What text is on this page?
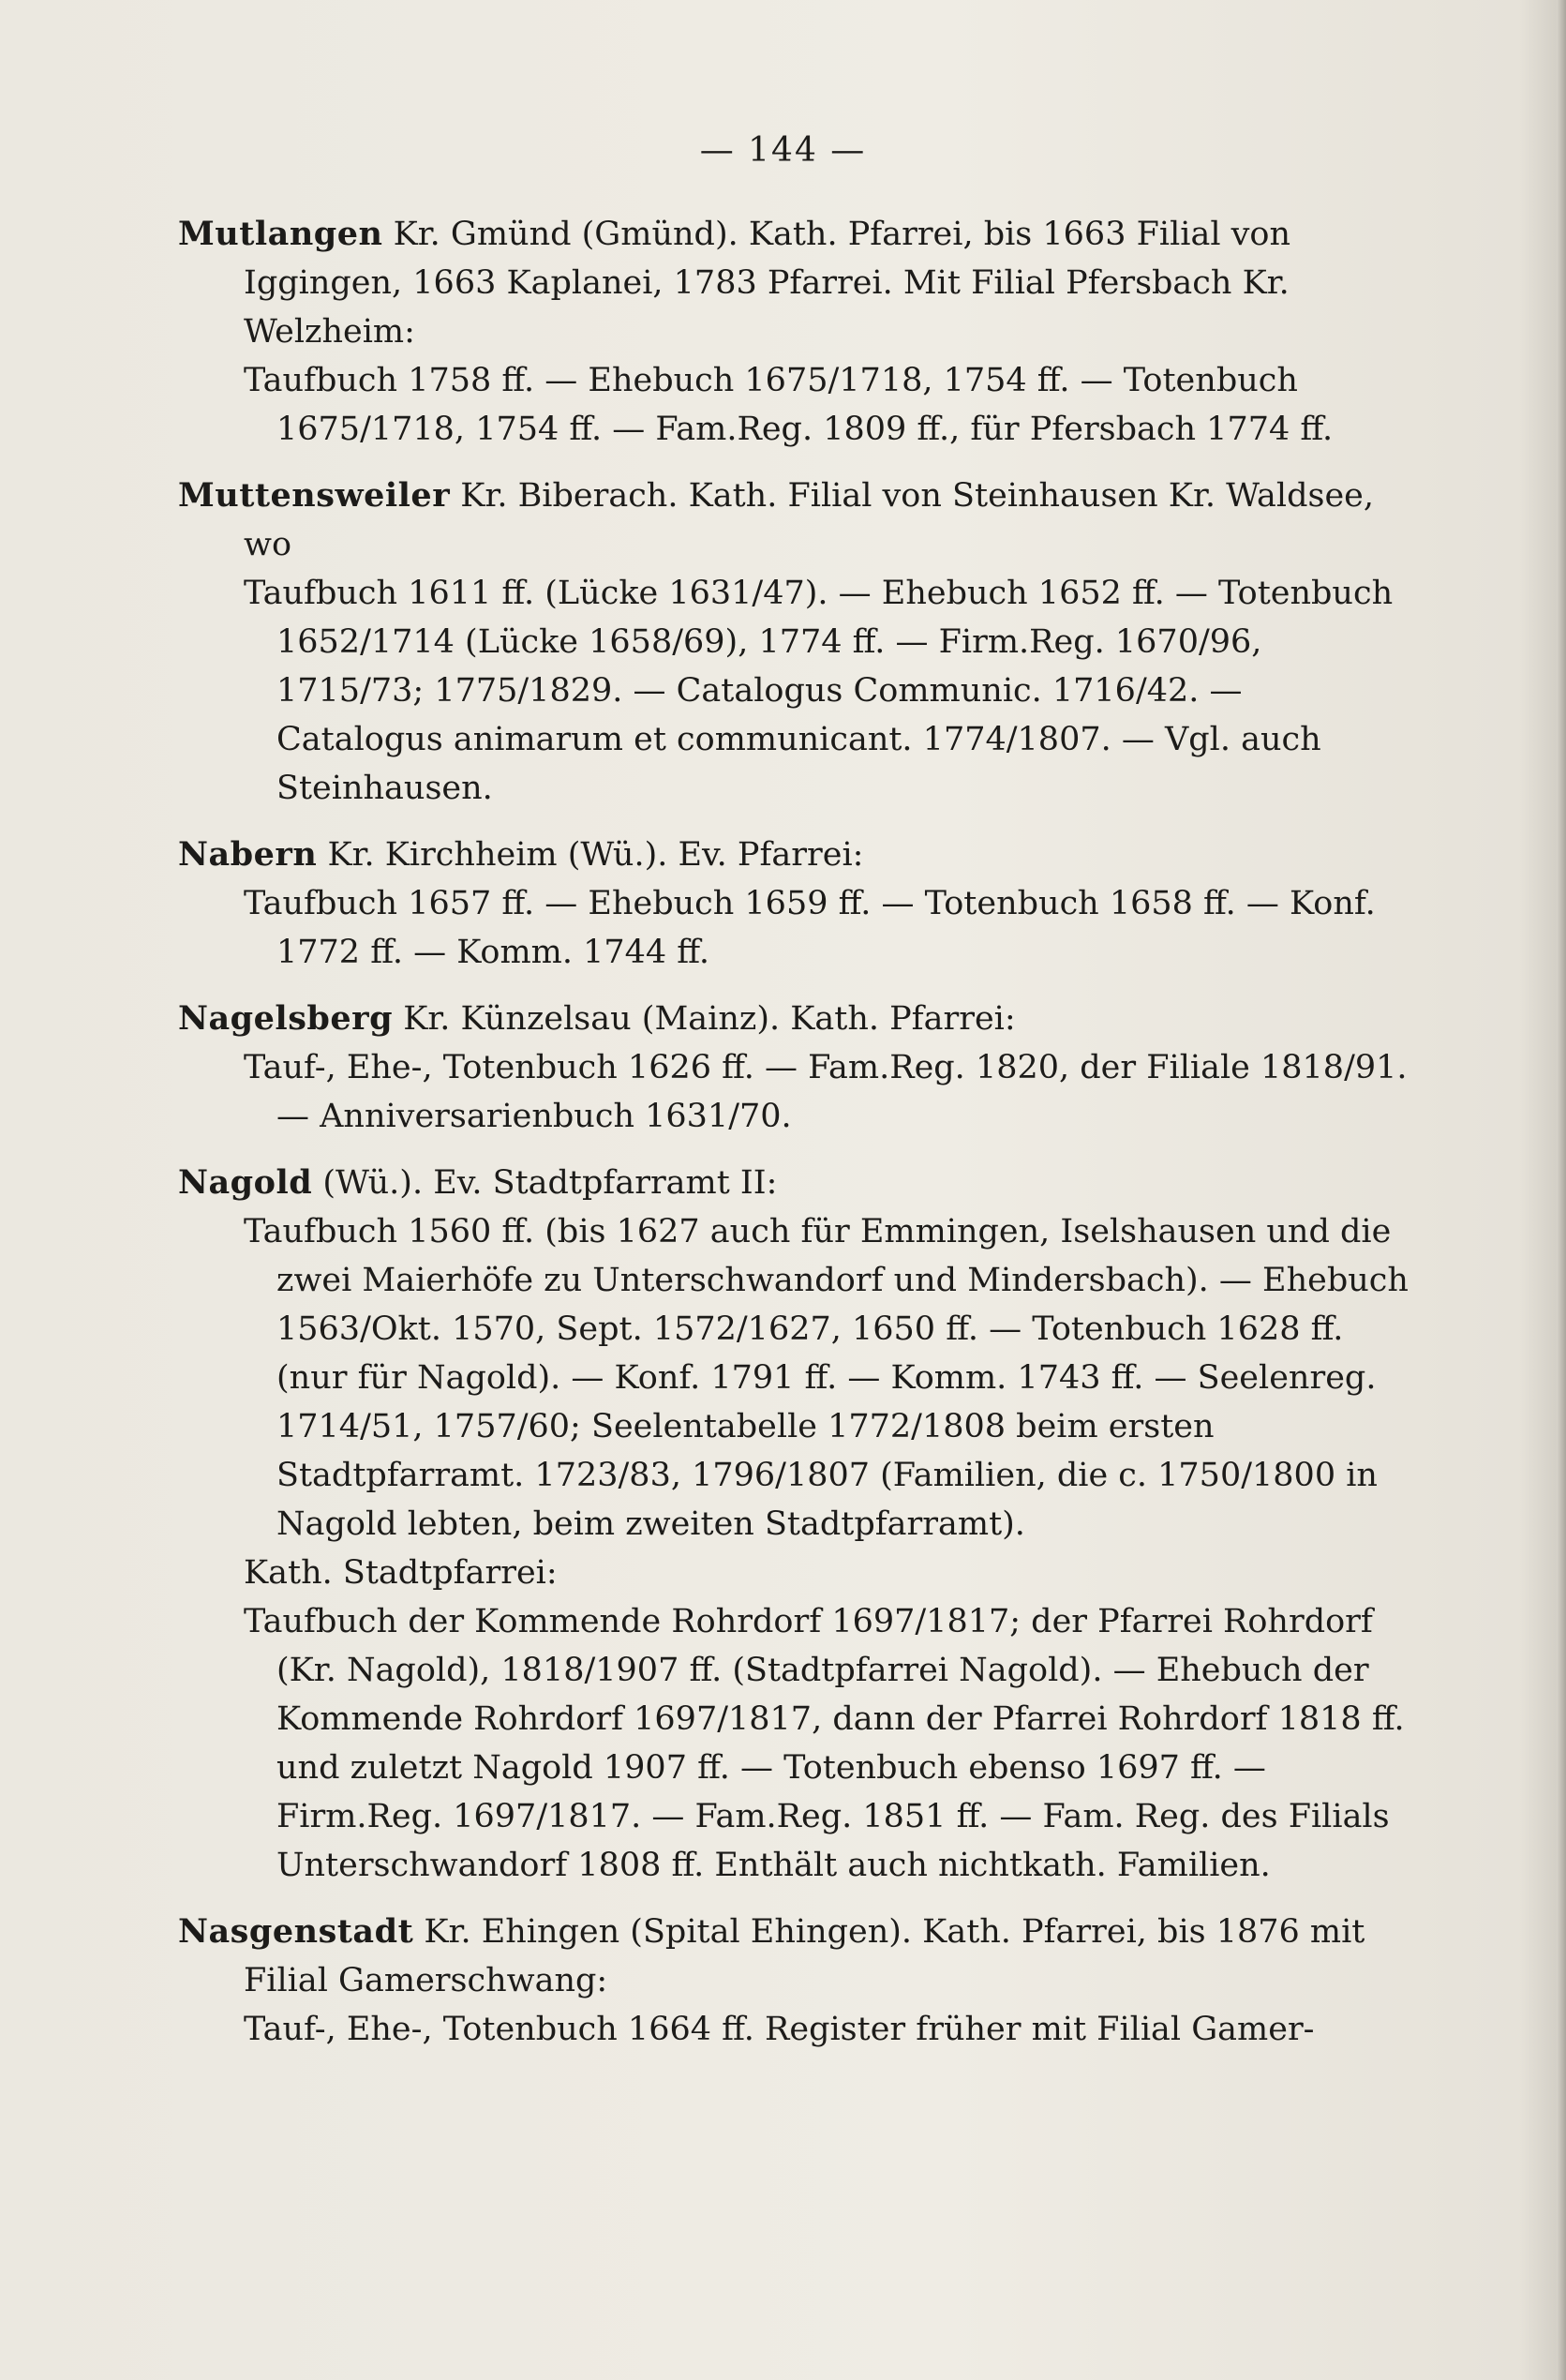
— 144 —
Mutlangen Kr. Gmünd (Gmünd). Kath. Pfarrei, bis 1663 Filial von Iggingen, 1663 Kaplanei, 1783 Pfarrei. Mit Filial Pfersbach Kr. Welzheim:
Taufbuch 1758 ff. — Ehebuch 1675/1718, 1754 ff. — Totenbuch 1675/1718, 1754 ff. — Fam.Reg. 1809 ff., für Pfersbach 1774 ff.
Muttensweiler Kr. Biberach. Kath. Filial von Steinhausen Kr. Waldsee, wo
Taufbuch 1611 ff. (Lücke 1631/47). — Ehebuch 1652 ff. — Totenbuch 1652/1714 (Lücke 1658/69), 1774 ff. — Firm.Reg. 1670/96, 1715/73; 1775/1829. — Catalogus Communic. 1716/42. — Catalogus animarum et communicant. 1774/1807. — Vgl. auch Steinhausen.
Nabern Kr. Kirchheim (Wü.). Ev. Pfarrei:
Taufbuch 1657 ff. — Ehebuch 1659 ff. — Totenbuch 1658 ff. — Konf. 1772 ff. — Komm. 1744 ff.
Nagelsberg Kr. Künzelsau (Mainz). Kath. Pfarrei:
Tauf-, Ehe-, Totenbuch 1626 ff. — Fam.Reg. 1820, der Filiale 1818/91. — Anniversarienbuch 1631/70.
Nagold (Wü.). Ev. Stadtpfarramt II:
Taufbuch 1560 ff. (bis 1627 auch für Emmingen, Iselshausen und die zwei Maierhöfe zu Unterschwandorf und Mindersbach). — Ehebuch 1563/Okt. 1570, Sept. 1572/1627, 1650 ff. — Totenbuch 1628 ff. (nur für Nagold). — Konf. 1791 ff. — Komm. 1743 ff. — Seelenreg. 1714/51, 1757/60; Seelentabelle 1772/1808 beim ersten Stadtpfarramt. 1723/83, 1796/1807 (Familien, die c. 1750/1800 in Nagold lebten, beim zweiten Stadtpfarramt).
Kath. Stadtpfarrei:
Taufbuch der Kommende Rohrdorf 1697/1817; der Pfarrei Rohrdorf (Kr. Nagold), 1818/1907 ff. (Stadtpfarrei Nagold). — Ehebuch der Kommende Rohrdorf 1697/1817, dann der Pfarrei Rohrdorf 1818 ff. und zuletzt Nagold 1907 ff. — Totenbuch ebenso 1697 ff. — Firm.Reg. 1697/1817. — Fam.Reg. 1851 ff. — Fam. Reg. des Filials Unterschwandorf 1808 ff. Enthält auch nichtkath. Familien.
Nasgenstadt Kr. Ehingen (Spital Ehingen). Kath. Pfarrei, bis 1876 mit Filial Gamerschwang:
Tauf-, Ehe-, Totenbuch 1664 ff. Register früher mit Filial Gamer-
